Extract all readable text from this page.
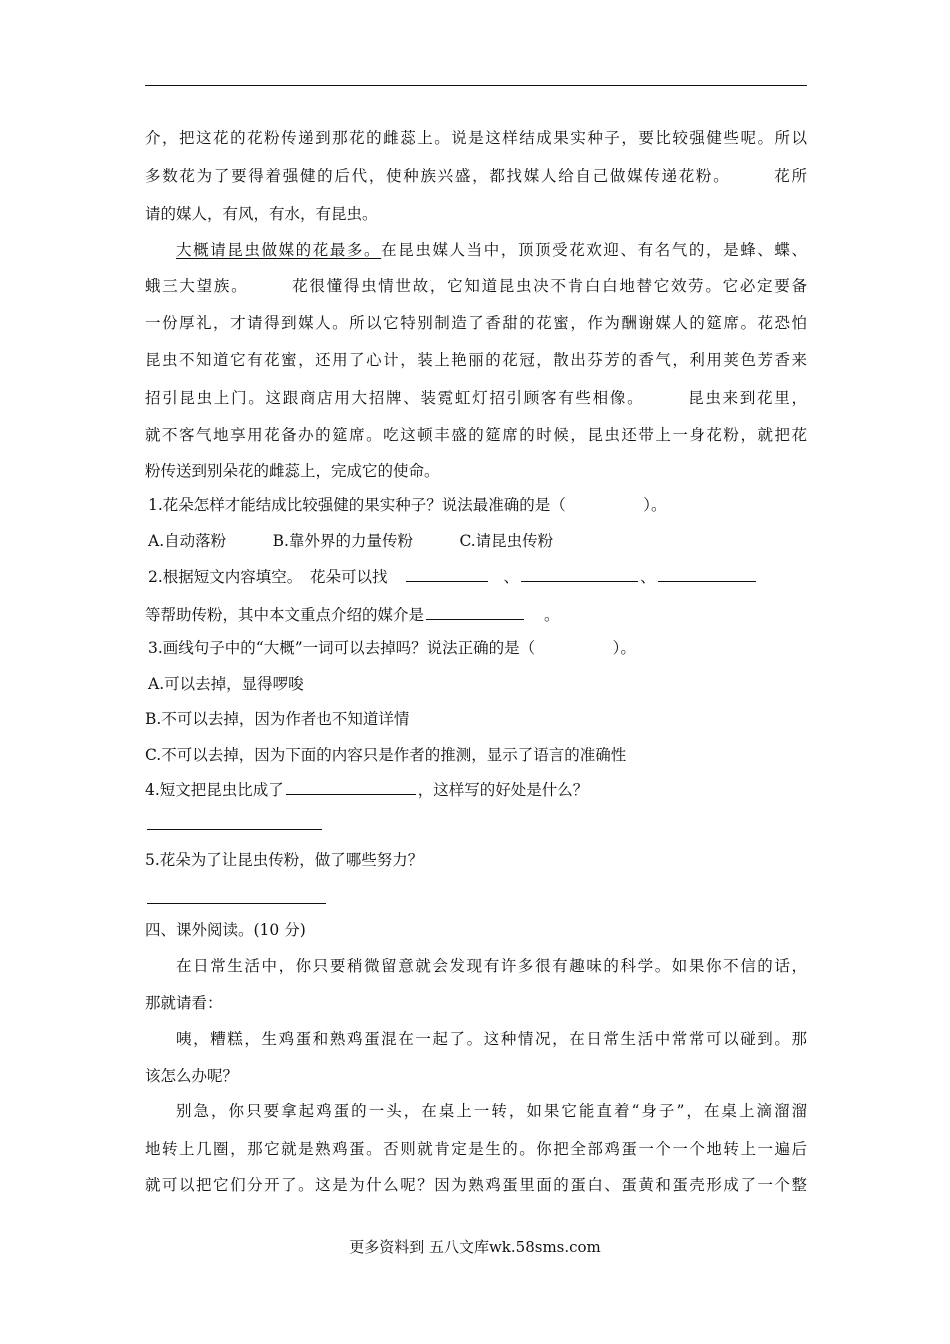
介，把这花的花粉传递到那花的雌蕊上。说是这样结成果实种子，要比较强健些呢。所以
多数花为了要得着强健的后代，使种族兴盛，都找媒人给自己做媒传递花粉。　　　花所
请的媒人，有风，有水，有昆虫。
大概请昆虫做媒的花最多。在昆虫媒人当中，顶顶受花欢迎、有名气的，是蜂、蝶、
蛾三大望族。　　　花很懂得虫情世故，它知道昆虫决不肯白白地替它效劳。它必定要备
一份厚礼，才请得到媒人。所以它特别制造了香甜的花蜜，作为酬谢媒人的筵席。花恐怕
昆虫不知道它有花蜜，还用了心计，装上艳丽的花冠，散出芬芳的香气，利用荚色芳香来
招引昆虫上门。这跟商店用大招牌、装霓虹灯招引顾客有些相像。　　　昆虫来到花里，
就不客气地享用花备办的筵席。吃这顿丰盛的筵席的时候，昆虫还带上一身花粉，就把花
粉传送到别朵花的雌蕊上，完成它的使命。
1.花朵怎样才能结成比较强健的果实种子？说法最准确的是（　　　　　）。
A.自动落粉　　　B.靠外界的力量传粉　　　C.请昆虫传粉
2.根据短文内容填空。　花朵可以找	、	、
等帮助传粉，其中本文重点介绍的媒介是	。
3.画线句子中的“大概”一词可以去掉吗？说法正确的是（　　　　　）。
A.可以去掉，显得啰唆
B.不可以去掉，因为作者也不知道详情
C.不可以去掉，因为下面的内容只是作者的推测，显示了语言的准确性
4.短文把昆虫比成了	，这样写的好处是什么？
5.花朵为了让昆虫传粉，做了哪些努力？
四、课外阅读。(10 分)
在日常生活中，你只要稍微留意就会发现有许多很有趣味的科学。如果你不信的话，
那就请看：
咦，糟糕，生鸡蛋和熟鸡蛋混在一起了。这种情况，在日常生活中常常可以碰到。那
该怎么办呢？
别急，你只要拿起鸡蛋的一头，在桌上一转，如果它能直着“身子”，在桌上滴溜溜
地转上几圈，那它就是熟鸡蛋。否则就肯定是生的。你把全部鸡蛋一个一个地转上一遍后
就可以把它们分开了。这是为什么呢？因为熟鸡蛋里面的蛋白、蛋黄和蛋壳形成了一个整
更多资料到 五八文库wk.58sms.com
